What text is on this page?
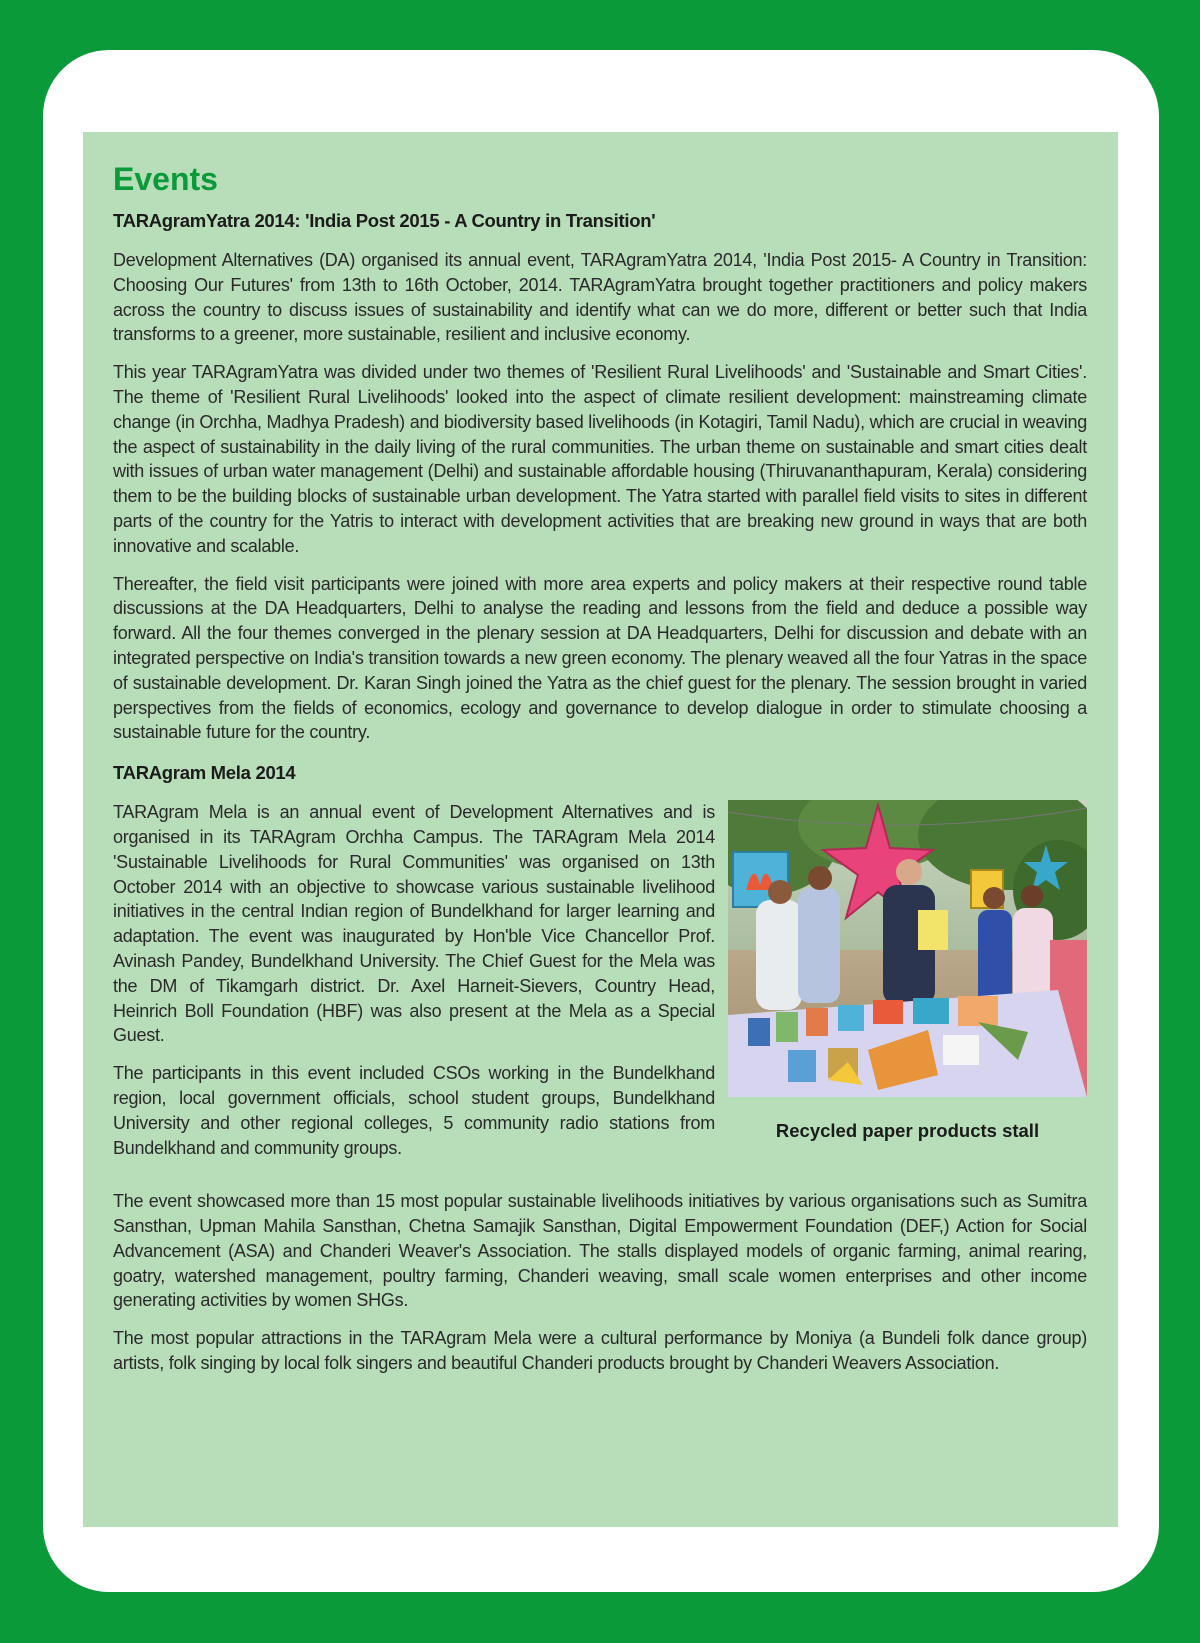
Events
TARAgramYatra 2014: 'India Post 2015 - A Country in Transition'

Development Alternatives (DA) organised its annual event, TARAgramYatra 2014, 'India Post 2015- A Country in Transition: Choosing Our Futures' from 13th to 16th October, 2014. TARAgramYatra brought together practitioners and policy makers across the country to discuss issues of sustainability and identify what can we do more, different or better such that India transforms to a greener, more sustainable, resilient and inclusive economy.

This year TARAgramYatra was divided under two themes of 'Resilient Rural Livelihoods' and 'Sustainable and Smart Cities'. The theme of 'Resilient Rural Livelihoods' looked into the aspect of climate resilient development: mainstreaming climate change (in Orchha, Madhya Pradesh) and biodiversity based livelihoods (in Kotagiri, Tamil Nadu), which are crucial in weaving the aspect of sustainability in the daily living of the rural communities. The urban theme on sustainable and smart cities dealt with issues of urban water management (Delhi) and sustainable affordable housing (Thiruvananthapuram, Kerala) considering them to be the building blocks of sustainable urban development. The Yatra started with parallel field visits to sites in different parts of the country for the Yatris to interact with development activities that are breaking new ground in ways that are both innovative and scalable.

Thereafter, the field visit participants were joined with more area experts and policy makers at their respective round table discussions at the DA Headquarters, Delhi to analyse the reading and lessons from the field and deduce a possible way forward. All the four themes converged in the plenary session at DA Headquarters, Delhi for discussion and debate with an integrated perspective on India's transition towards a new green economy. The plenary weaved all the four Yatras in the space of sustainable development. Dr. Karan Singh joined the Yatra as the chief guest for the plenary. The session brought in varied perspectives from the fields of economics, ecology and governance to develop dialogue in order to stimulate choosing a sustainable future for the country.

TARAgram Mela 2014

TARAgram Mela is an annual event of Development Alternatives and is organised in its TARAgram Orchha Campus. The TARAgram Mela 2014 'Sustainable Livelihoods for Rural Communities' was organised on 13th October 2014 with an objective to showcase various sustainable livelihood initiatives in the central Indian region of Bundelkhand for larger learning and adaptation. The event was inaugurated by Hon'ble Vice Chancellor Prof. Avinash Pandey, Bundelkhand University. The Chief Guest for the Mela was the DM of Tikamgarh district. Dr. Axel Harneit-Sievers, Country Head, Heinrich Boll Foundation (HBF) was also present at the Mela as a Special Guest.

The participants in this event included CSOs working in the Bundelkhand region, local government officials, school student groups, Bundelkhand University and other regional colleges, 5 community radio stations from Bundelkhand and community groups.

Recycled paper products stall

The event showcased more than 15 most popular sustainable livelihoods initiatives by various organisations such as Sumitra Sansthan, Upman Mahila Sansthan, Chetna Samajik Sansthan, Digital Empowerment Foundation (DEF,) Action for Social Advancement (ASA) and Chanderi Weaver's Association. The stalls displayed models of organic farming, animal rearing, goatry, watershed management, poultry farming, Chanderi weaving, small scale women enterprises and other income generating activities by women SHGs.

The most popular attractions in the TARAgram Mela were a cultural performance by Moniya (a Bundeli folk dance group) artists, folk singing by local folk singers and beautiful Chanderi products brought by Chanderi Weavers Association.
